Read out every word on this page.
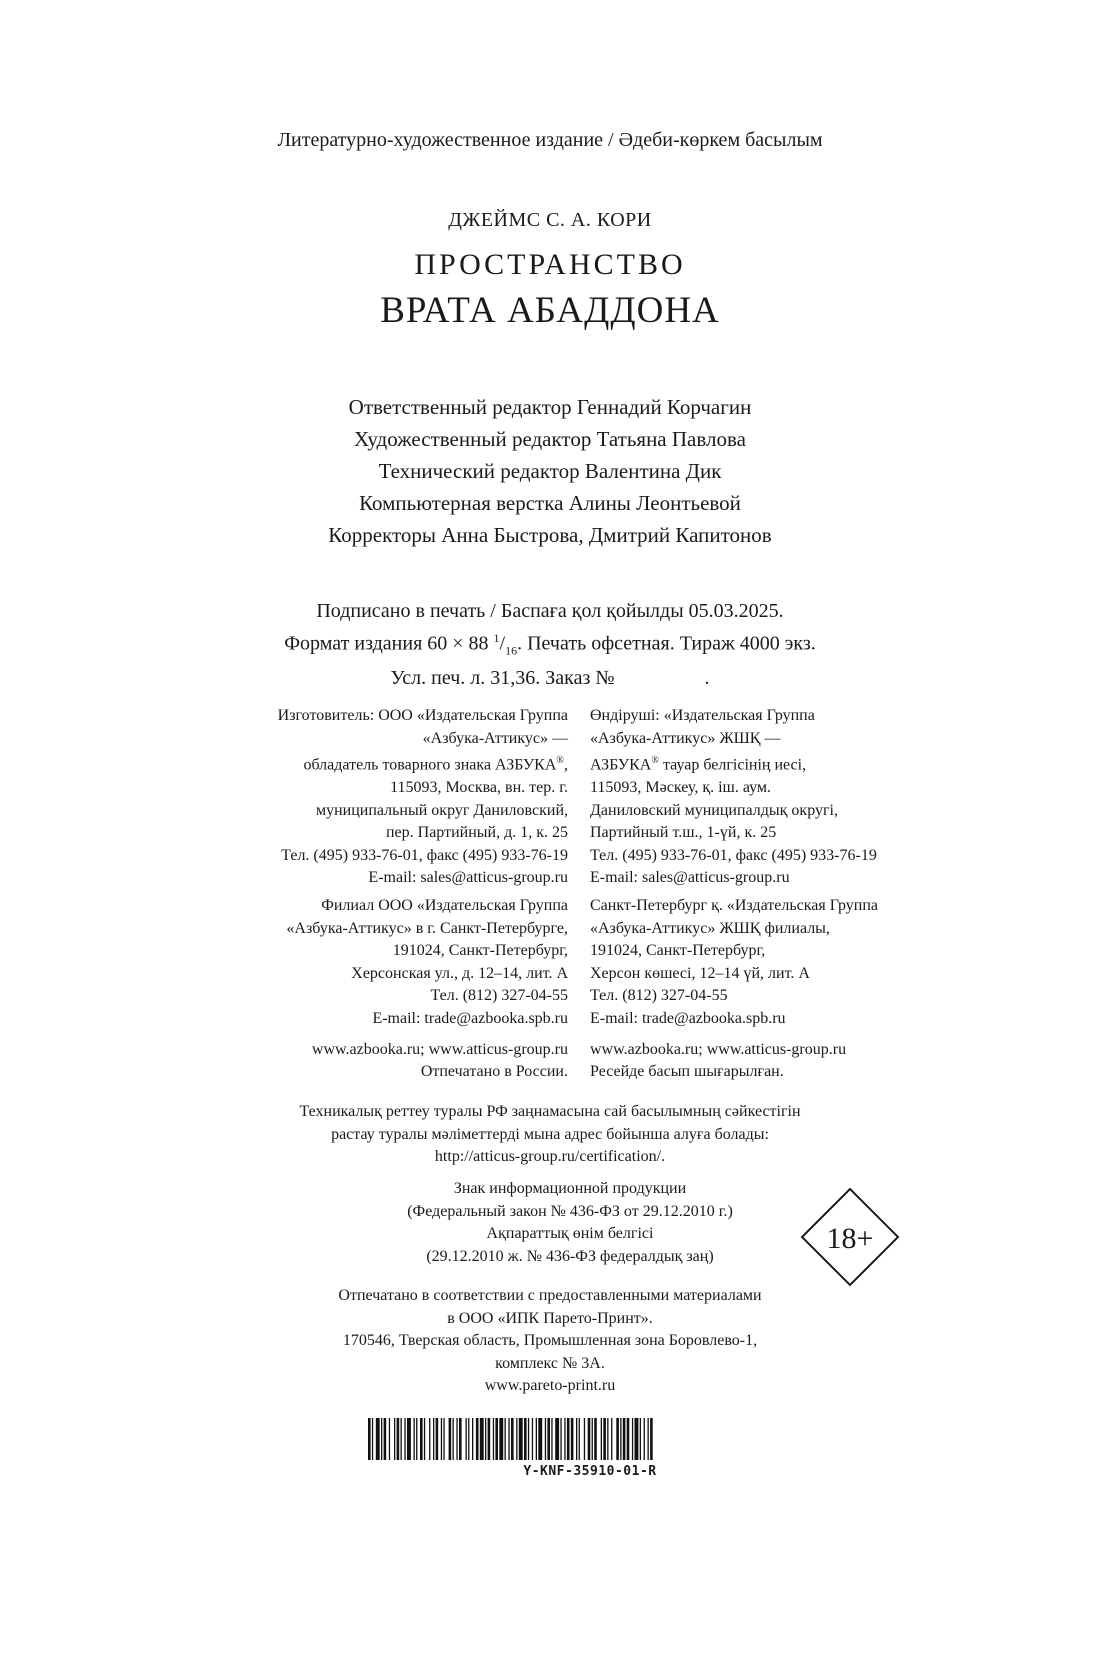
Литературно-художественное издание / Әдеби-көркем басылым
ДЖЕЙМС С. А. КОРИ
ПРОСТРАНСТВО
ВРАТА АБАДДОНА
Ответственный редактор Геннадий Корчагин
Художественный редактор Татьяна Павлова
Технический редактор Валентина Дик
Компьютерная верстка Алины Леонтьевой
Корректоры Анна Быстрова, Дмитрий Капитонов
Подписано в печать / Баспаға қол қойылды 05.03.2025.
Формат издания 60 × 88 $^1/_{16}$. Печать офсетная. Тираж 4000 экз.
Усл. печ. л. 31,36. Заказ №	.
Изготовитель: ООО «Издательская Группа
«Азбука-Аттикус» —
обладатель товарного знака АЗБУКА®,
115093, Москва, вн. тер. г.
муниципальный округ Даниловский,
пер. Партийный, д. 1, к. 25
Тел. (495) 933-76-01, факс (495) 933-76-19
E-mail: sales@atticus-group.ru
Филиал ООО «Издательская Группа
«Азбука-Аттикус» в г. Санкт-Петербурге,
191024, Санкт-Петербург,
Херсонская ул., д. 12–14, лит. А
Тел. (812) 327-04-55
E-mail: trade@azbooka.spb.ru
www.azbooka.ru; www.atticus-group.ru
Отпечатано в России.
Өндіруші: «Издательская Группа
«Азбука-Аттикус» ЖШҚ —
АЗБУКА® тауар белгісінің иесі,
115093, Мәскеу, қ. іш. аум.
Даниловский муниципалдық округі,
Партийный т.ш., 1-үй, к. 25
Тел. (495) 933-76-01, факс (495) 933-76-19
E-mail: sales@atticus-group.ru
Санкт-Петербург қ. «Издательская Группа
«Азбука-Аттикус» ЖШҚ филиалы,
191024, Санкт-Петербург,
Херсон көшесі, 12–14 үй, лит. А
Тел. (812) 327-04-55
E-mail: trade@azbooka.spb.ru
www.azbooka.ru; www.atticus-group.ru
Ресейде басып шығарылған.
Техникалық реттеу туралы РФ заңнамасына сай басылымның сәйкестігін
растау туралы мәліметтерді мына адрес бойынша алуға болады:
http://atticus-group.ru/certification/.
Знак информационной продукции
(Федеральный закон № 436-ФЗ от 29.12.2010 г.)
Ақпараттық өнім белгісі
(29.12.2010 ж. № 436-ФЗ федералдық заң)
18+
Отпечатано в соответствии с предоставленными материалами
в ООО «ИПК Парето-Принт».
170546, Тверская область, Промышленная зона Боровлево-1,
комплекс № 3А.
www.pareto-print.ru
Y-KNF-35910-01-R
